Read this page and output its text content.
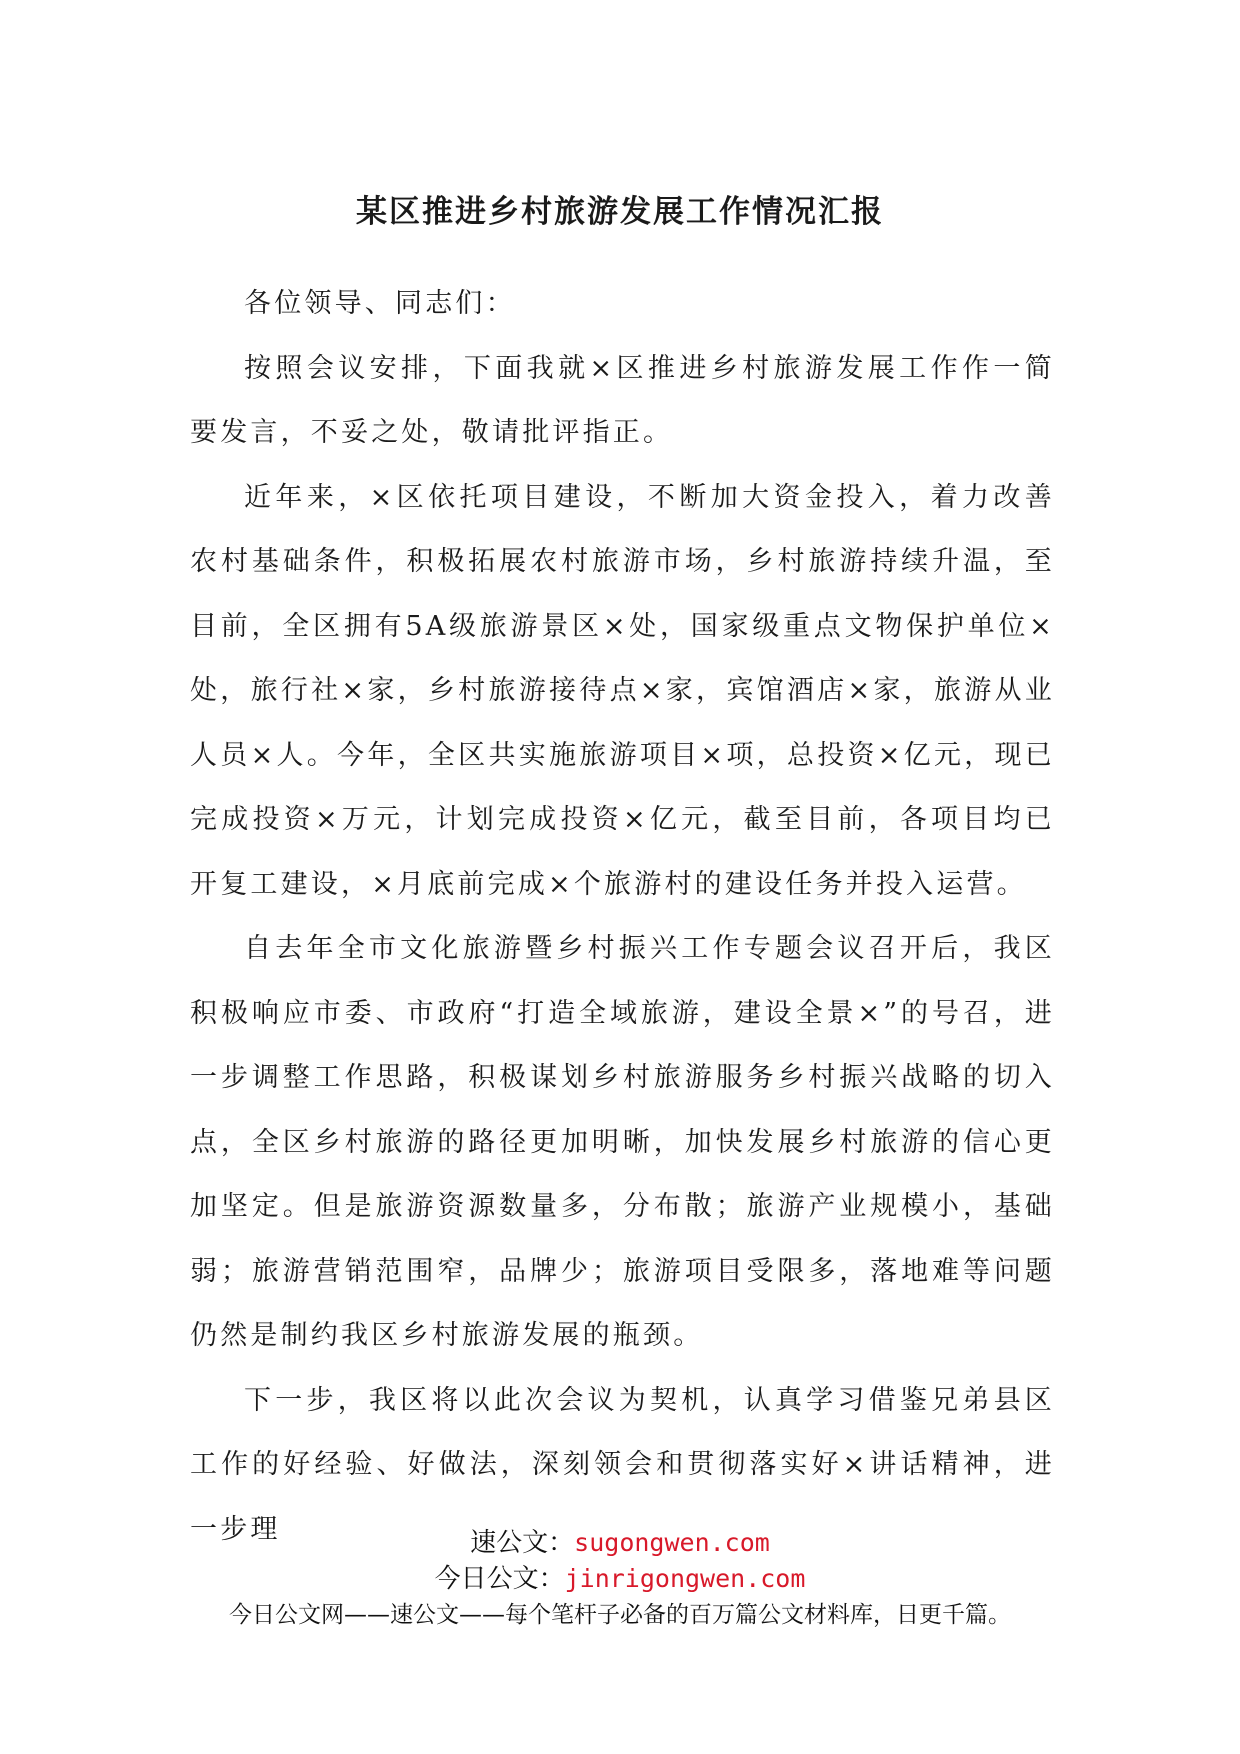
某区推进乡村旅游发展工作情况汇报

各位领导、同志们：

按照会议安排，下面我就×区推进乡村旅游发展工作作一简要发言，不妥之处，敬请批评指正。

近年来，×区依托项目建设，不断加大资金投入，着力改善农村基础条件，积极拓展农村旅游市场，乡村旅游持续升温，至目前，全区拥有5A级旅游景区×处，国家级重点文物保护单位×处，旅行社×家，乡村旅游接待点×家，宾馆酒店×家，旅游从业人员×人。今年，全区共实施旅游项目×项，总投资×亿元，现已完成投资×万元，计划完成投资×亿元，截至目前，各项目均已开复工建设，×月底前完成×个旅游村的建设任务并投入运营。

自去年全市文化旅游暨乡村振兴工作专题会议召开后，我区积极响应市委、市政府“打造全域旅游，建设全景×”的号召，进一步调整工作思路，积极谋划乡村旅游服务乡村振兴战略的切入点，全区乡村旅游的路径更加明晰，加快发展乡村旅游的信心更加坚定。但是旅游资源数量多，分布散；旅游产业规模小，基础弱；旅游营销范围窄，品牌少；旅游项目受限多，落地难等问题仍然是制约我区乡村旅游发展的瓶颈。

下一步，我区将以此次会议为契机，认真学习借鉴兄弟县区工作的好经验、好做法，深刻领会和贯彻落实好×讲话精神，进一步理	速公文：sugongwen.com
今日公文：jinrigongwen.com
今日公文网——速公文——每个笔杆子必备的百万篇公文材料库，日更千篇。
